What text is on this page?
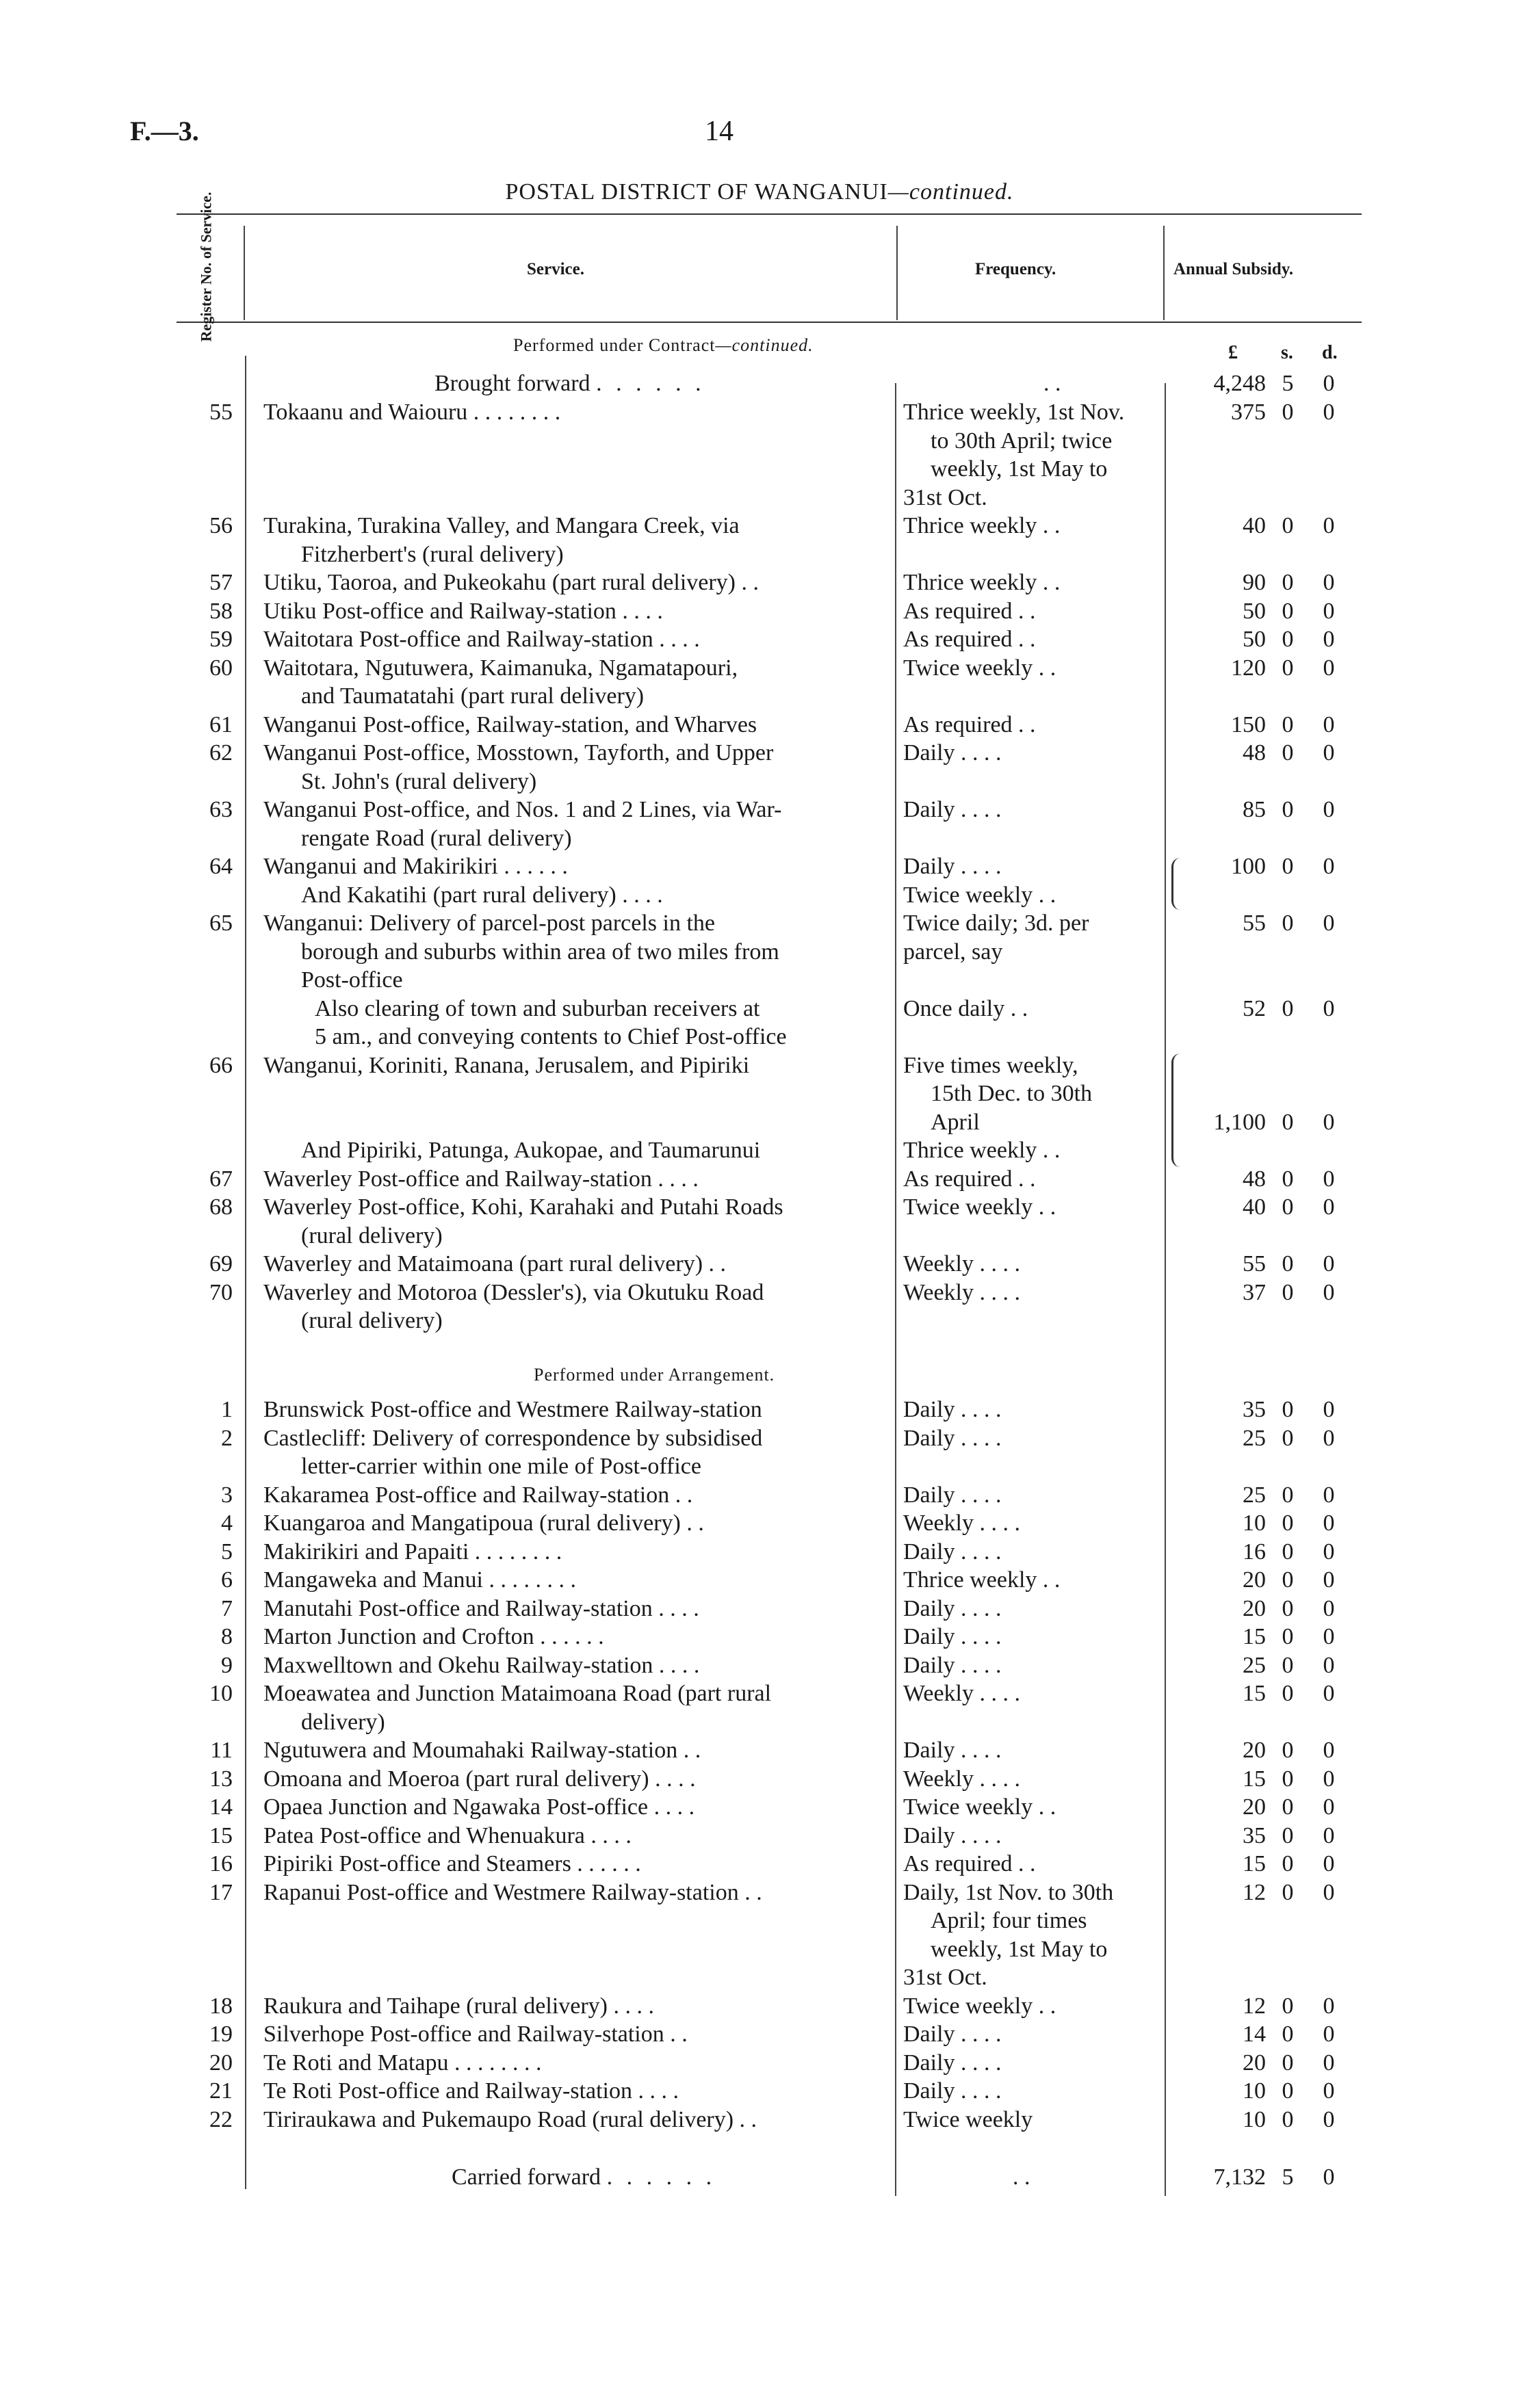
F.—3.	14
POSTAL DISTRICT OF WANGANUI—continued.
Register No. of Service.	Service.	Frequency.	Annual Subsidy.
Performed under Contract—continued.	£ s. d.
Brought forward . . . . . .	. .	4,248 5	0
55 Tokaanu and Waiouru . . . . . . . .	Thrice weekly, 1st Nov.	375 0	0
to 30th April; twice
weekly, 1st May to
31st Oct.
56 Turakina, Turakina Valley, and Mangara Creek, via	Thrice weekly . .	40 0	0
Fitzherbert's (rural delivery)
57 Utiku, Taoroa, and Pukeokahu (part rural delivery) . .	Thrice weekly . .	90 0	0
58 Utiku Post-office and Railway-station . . . .	As required . .	50 0	0
59 Waitotara Post-office and Railway-station . . . .	As required . .	50 0	0
60 Waitotara, Ngutuwera, Kaimanuka, Ngamatapouri,	Twice weekly . .	120 0	0
and Taumatatahi (part rural delivery)
61 Wanganui Post-office, Railway-station, and Wharves	As required . .	150 0	0
62 Wanganui Post-office, Mosstown, Tayforth, and Upper	Daily . . . .	48 0	0
St. John's (rural delivery)
63 Wanganui Post-office, and Nos. 1 and 2 Lines, via War-	Daily . . . .	85 0	0
rengate Road (rural delivery)
64 Wanganui and Makirikiri . . . . . .	Daily . . . .	100 0	0
And Kakatihi (part rural delivery) . . . .	Twice weekly . .
65 Wanganui: Delivery of parcel-post parcels in the	Twice daily; 3d. per	55 0	0
borough and suburbs within area of two miles from	parcel, say
Post-office
Also clearing of town and suburban receivers at	Once daily . .	52 0	0
5 am., and conveying contents to Chief Post-office
66 Wanganui, Koriniti, Ranana, Jerusalem, and Pipiriki	Five times weekly,
15th Dec. to 30th
April	1,100 0	0
And Pipiriki, Patunga, Aukopae, and Taumarunui	Thrice weekly . .
67 Waverley Post-office and Railway-station . . . .	As required . .	48 0	0
68 Waverley Post-office, Kohi, Karahaki and Putahi Roads	Twice weekly . .	40 0	0
(rural delivery)
69 Waverley and Mataimoana (part rural delivery) . .	Weekly . . . .	55 0	0
70 Waverley and Motoroa (Dessler's), via Okutuku Road	Weekly . . . .	37 0	0
(rural delivery)
Performed under Arrangement.
1 Brunswick Post-office and Westmere Railway-station	Daily . . . .	35 0	0
2 Castlecliff: Delivery of correspondence by subsidised	Daily . . . .	25 0	0
letter-carrier within one mile of Post-office
3 Kakaramea Post-office and Railway-station . .	Daily . . . .	25 0	0
4 Kuangaroa and Mangatipoua (rural delivery) . .	Weekly . . . .	10 0	0
5 Makirikiri and Papaiti . . . . . . . .	Daily . . . .	16 0	0
6 Mangaweka and Manui . . . . . . . .	Thrice weekly . .	20 0	0
7 Manutahi Post-office and Railway-station . . . .	Daily . . . .	20 0	0
8 Marton Junction and Crofton . . . . . .	Daily . . . .	15 0	0
9 Maxwelltown and Okehu Railway-station . . . .	Daily . . . .	25 0	0
10 Moeawatea and Junction Mataimoana Road (part rural	Weekly . . . .	15 0	0
delivery)
11 Ngutuwera and Moumahaki Railway-station . .	Daily . . . .	20 0	0
13 Omoana and Moeroa (part rural delivery) . . . .	Weekly . . . .	15 0	0
14 Opaea Junction and Ngawaka Post-office . . . .	Twice weekly . .	20 0	0
15 Patea Post-office and Whenuakura . . . .	Daily . . . .	35 0	0
16 Pipiriki Post-office and Steamers . . . . . .	As required . .	15 0	0
17 Rapanui Post-office and Westmere Railway-station . .	Daily, 1st Nov. to 30th	12 0	0
April; four times
weekly, 1st May to
31st Oct.
18 Raukura and Taihape (rural delivery) . . . .	Twice weekly . .	12 0	0
19 Silverhope Post-office and Railway-station . .	Daily . . . .	14 0	0
20 Te Roti and Matapu . . . . . . . .	Daily . . . .	20 0	0
21 Te Roti Post-office and Railway-station . . . .	Daily . . . .	10 0	0
22 Tiriraukawa and Pukemaupo Road (rural delivery) . .	Twice weekly	10 0	0
Carried forward . . . . . .	. .	7,132 5	0
